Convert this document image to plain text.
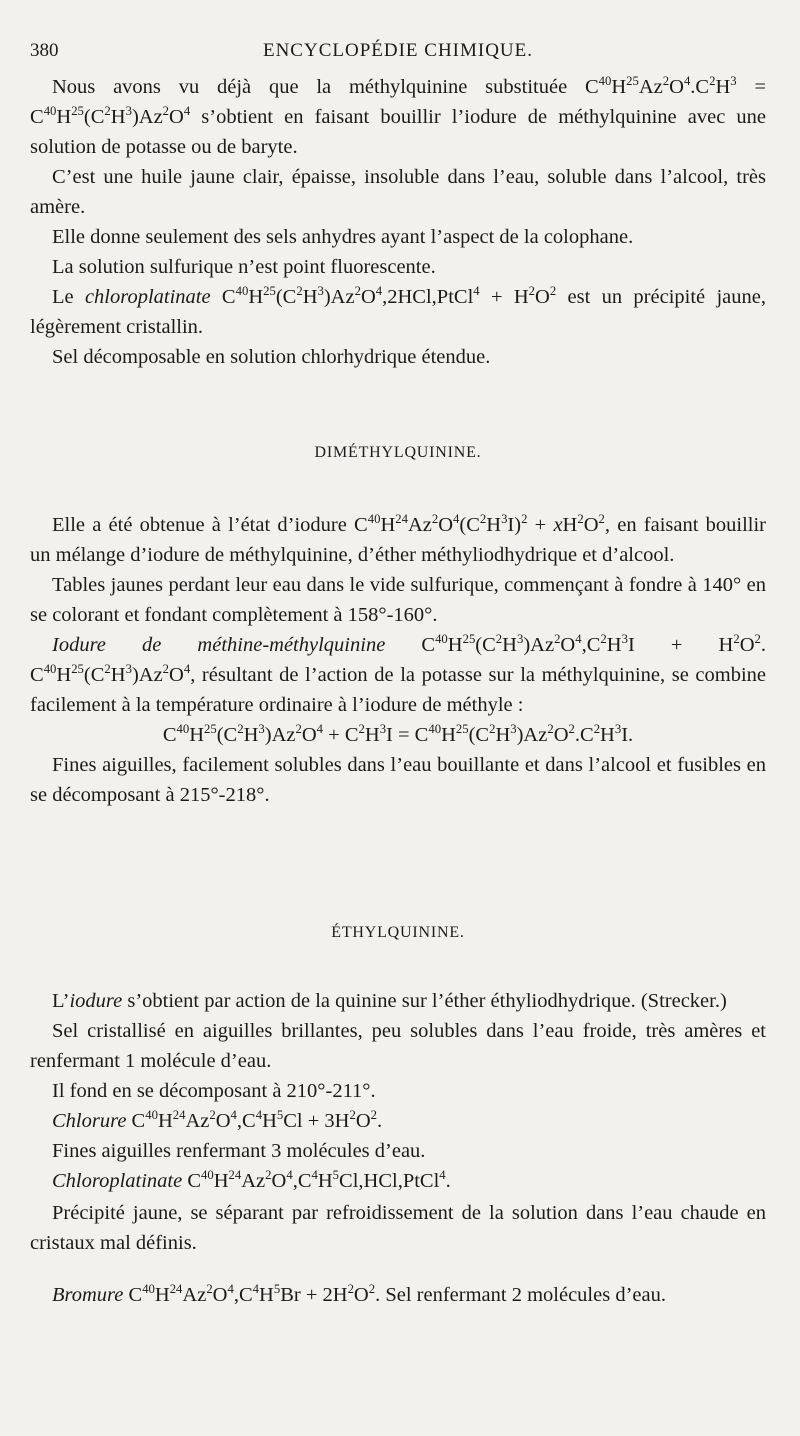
380	ENCYCLOPÉDIE CHIMIQUE.

Nous avons vu déjà que la méthylquinine substituée $C^{40}H^{25}Az^2O^4.C^2H^3 = C^{40}H^{25}(C^2H^3)Az^2O^4$ s’obtient en faisant bouillir l’iodure de méthylquinine avec une solution de potasse ou de baryte.

C’est une huile jaune clair, épaisse, insoluble dans l’eau, soluble dans l’alcool, très amère.

Elle donne seulement des sels anhydres ayant l’aspect de la colophane.

La solution sulfurique n’est point fluorescente.

Le chloroplatinate $C^{40}H^{25}(C^2H^3)Az^2O^4,2HCl,PtCl^4 + H^2O^2$ est un précipité jaune, légèrement cristallin.

Sel décomposable en solution chlorhydrique étendue.

DIMÉTHYLQUININE.

Elle a été obtenue à l’état d’iodure $C^{40}H^{24}Az^2O^4(C^2H^3I)^2 + xH^2O^2$, en faisant bouillir un mélange d’iodure de méthylquinine, d’éther méthyliodhydrique et d’alcool.

Tables jaunes perdant leur eau dans le vide sulfurique, commençant à fondre à 140° en se colorant et fondant complètement à 158°-160°.

Iodure de méthine-méthylquinine $C^{40}H^{25}(C^2H^3)Az^2O^4,C^2H^3I + H^2O^2$. $C^{40}H^{25}(C^2H^3)Az^2O^4$, résultant de l’action de la potasse sur la méthylquinine, se combine facilement à la température ordinaire à l’iodure de méthyle :

$C^{40}H^{25}(C^2H^3)Az^2O^4 + C^2H^3I = C^{40}H^{25}(C^2H^3)Az^2O^2.C^2H^3I$.

Fines aiguilles, facilement solubles dans l’eau bouillante et dans l’alcool et fusibles en se décomposant à 215°-218°.

ÉTHYLQUININE.

L’iodure s’obtient par action de la quinine sur l’éther éthyliodhydrique. (Strecker.)

Sel cristallisé en aiguilles brillantes, peu solubles dans l’eau froide, très amères et renfermant 1 molécule d’eau.

Il fond en se décomposant à 210°-211°.

Chlorure $C^{40}H^{24}Az^2O^4,C^4H^5Cl + 3H^2O^2$.

Fines aiguilles renfermant 3 molécules d’eau.

Chloroplatinate $C^{40}H^{24}Az^2O^4,C^4H^5Cl,HCl,PtCl^4$.

Précipité jaune, se séparant par refroidissement de la solution dans l’eau chaude en cristaux mal définis.

Bromure $C^{40}H^{24}Az^2O^4,C^4H^5Br + 2H^2O^2$. Sel renfermant 2 molécules d’eau.
